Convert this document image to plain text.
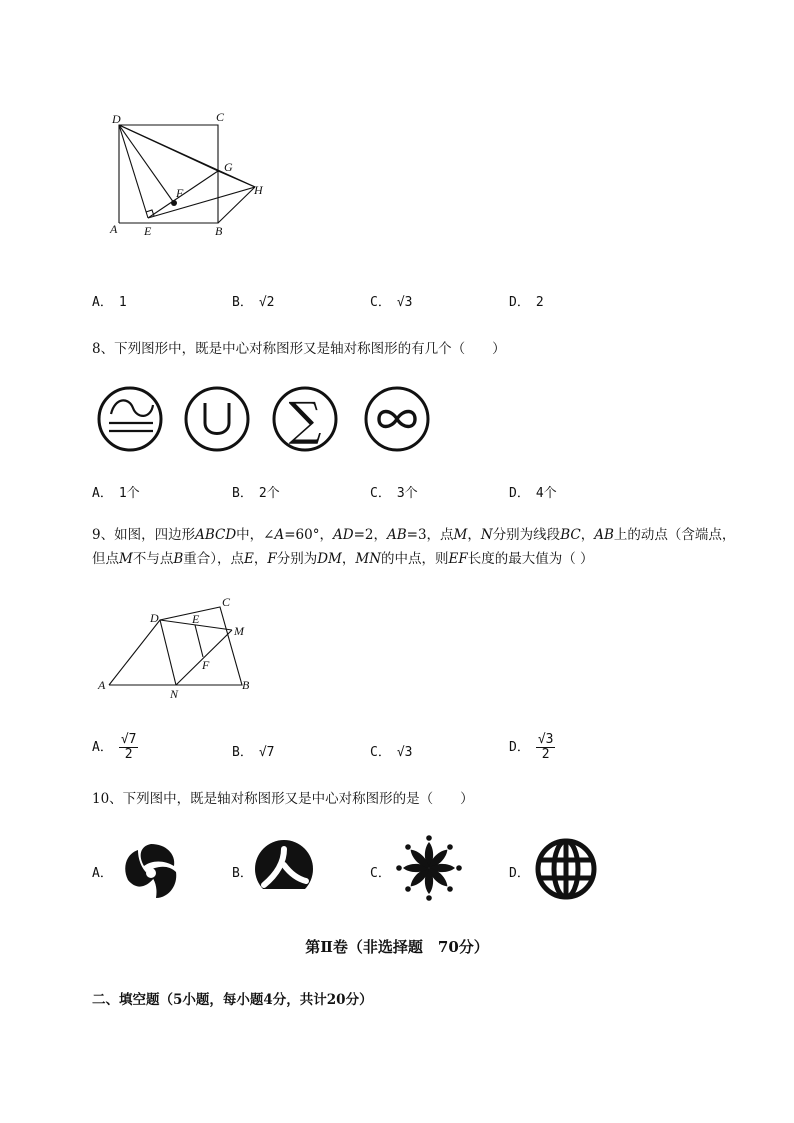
D	C
G
F	H
A E	B
A． 1	B． √2	C． √3	D． 2
8、下列图形中，既是中心对称图形又是轴对称图形的有几个（　　）
∑
A． 1个	B． 2个	C． 3个	D． 4个
9、如图，四边形ABCD中，∠A=60°，AD=2，AB=3，点M，N分别为线段BC，AB上的动点（含端点，
但点M不与点B重合），点E，F分别为DM，MN的中点，则EF长度的最大值为（ ）
D
C
E
M
F
A
N
B
A． $\frac{√7}{2}$	B． √7	C． √3	D． $\frac{√3}{2}$
10、下列图中，既是轴对称图形又是中心对称图形的是（　　）
A．	B．	C．	D．
第Ⅱ卷（非选择题　70分）
二、填空题（5小题，每小题4分，共计20分）
